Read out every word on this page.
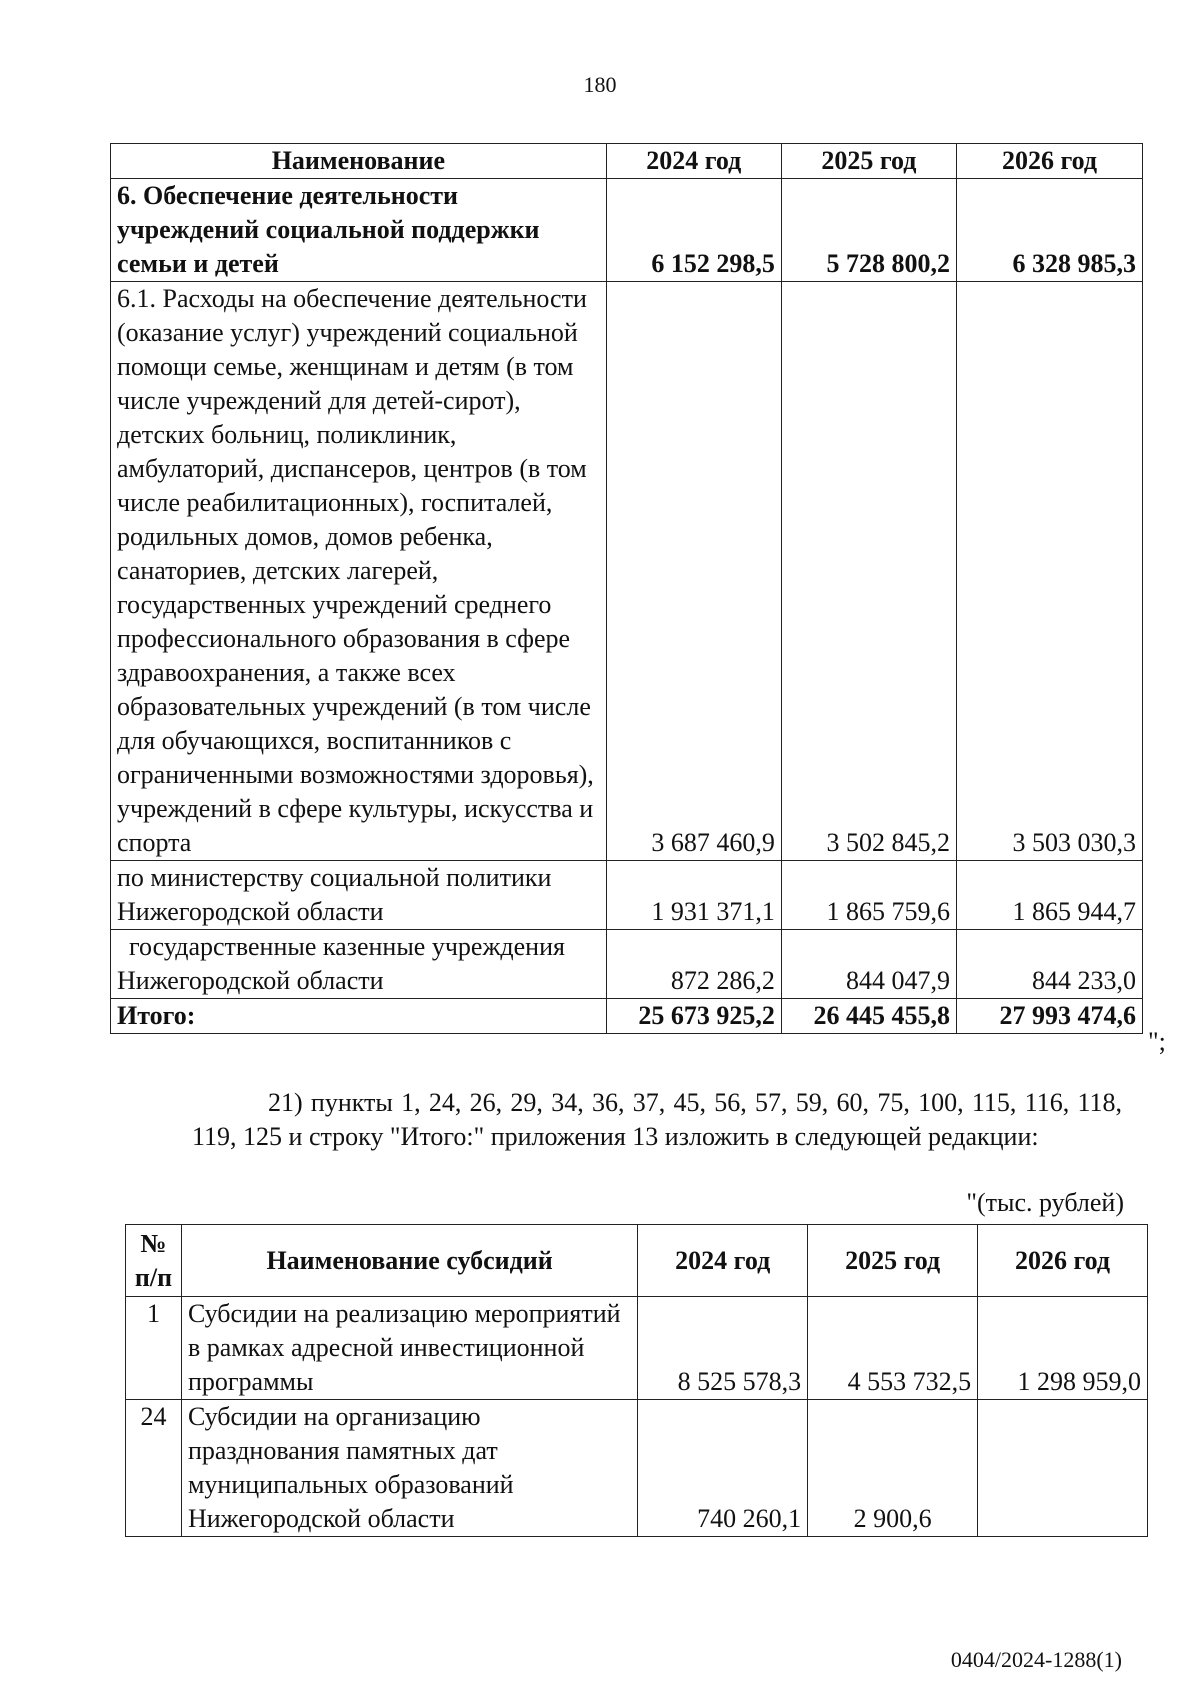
180
Наименование	2024 год	2025 год	2026 год
6. Обеспечение деятельности учреждений социальной поддержки семьи и детей	6 152 298,5	5 728 800,2	6 328 985,3
6.1. Расходы на обеспечение деятельности (оказание услуг) учреждений социальной помощи семье, женщинам и детям (в том числе учреждений для детей-сирот), детских больниц, поликлиник, амбулаторий, диспансеров, центров (в том числе реабилитационных), госпиталей, родильных домов, домов ребенка, санаториев, детских лагерей, государственных учреждений среднего профессионального образования в сфере здравоохранения, а также всех образовательных учреждений (в том числе для обучающихся, воспитанников с ограниченными возможностями здоровья), учреждений в сфере культуры, искусства и спорта	3 687 460,9	3 502 845,2	3 503 030,3
по министерству социальной политики Нижегородской области	1 931 371,1	1 865 759,6	1 865 944,7
государственные казенные учреждения Нижегородской области	872 286,2	844 047,9	844 233,0
Итого:	25 673 925,2	26 445 455,8	27 993 474,6
";
21) пункты 1, 24, 26, 29, 34, 36, 37, 45, 56, 57, 59, 60, 75, 100, 115, 116, 118, 119, 125 и строку "Итого:" приложения 13 изложить в следующей редакции:
"(тыс. рублей)
№ п/п	Наименование субсидий	2024 год	2025 год	2026 год
1	Субсидии на реализацию мероприятий в рамках адресной инвестиционной программы	8 525 578,3	4 553 732,5	1 298 959,0
24	Субсидии на организацию празднования памятных дат муниципальных образований Нижегородской области	740 260,1	2 900,6	
0404/2024-1288(1)
